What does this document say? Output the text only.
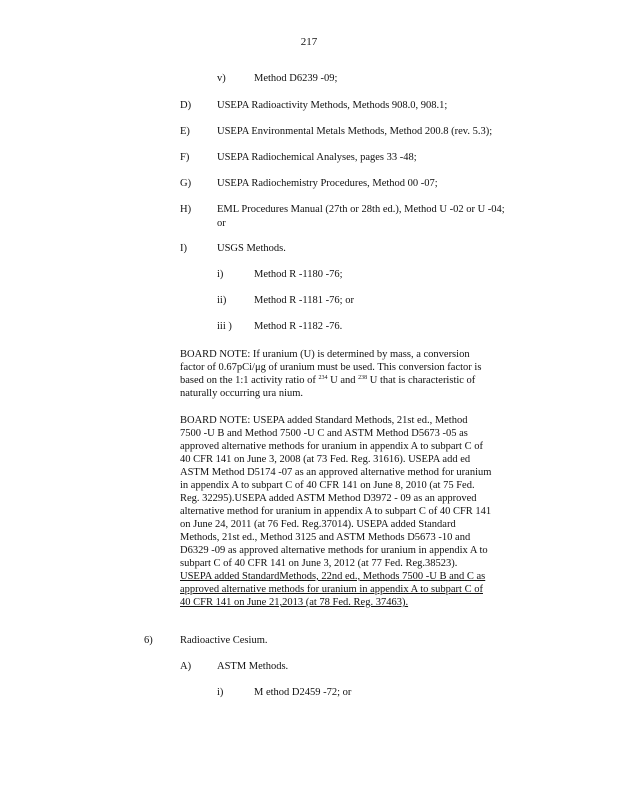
217
v)	Method D6239 -09;
D) USEPA Radioactivity Methods, Methods 908.0, 908.1;
E)	USEPA Environmental Metals Methods, Method 200.8 (rev. 5.3);
F)	USEPA Radiochemical Analyses, pages 33 -48;
G) USEPA Radiochemistry Procedures, Method 00 -07;
H) EML Procedures Manual (27th or 28th ed.), Method U -02 or U -04;
or
I)	USGS Methods.
i)	Method R -1180 -76;
ii)	Method R -1181 -76; or
iii ) Method R -1182 -76.

BOARD NOTE: If uranium (U) is determined by mass, a conversion

factor of 0.67pCi/μg of uranium must be used. This conversion factor is

based on the 1:1 activity ratio of $^{234}$ U and $^{238}$ U that is characteristic of

naturally occurring ura nium.

BOARD NOTE: USEPA added Standard Methods, 21st ed., Method

7500 -U B and Method 7500 -U C and ASTM Method D5673 -05 as

approved alternative methods for uranium in appendix A to subpart C of

40 CFR 141 on June 3, 2008 (at 73 Fed. Reg. 31616). USEPA add ed

ASTM Method D5174 -07 as an approved alternative method for uranium

in appendix A to subpart C of 40 CFR 141 on June 8, 2010 (at 75 Fed.

Reg. 32295).USEPA added ASTM Method D3972 - 09 as an approved

alternative method for uranium in appendix A to subpart C of 40 CFR 141

on June 24, 2011 (at 76 Fed. Reg.37014). USEPA added Standard

Methods, 21st ed., Method 3125 and ASTM Methods D5673 -10 and

D6329 -09 as approved alternative methods for uranium in appendix A to

subpart C of 40 CFR 141 on June 3, 2012 (at 77 Fed. Reg.38523).

USEPA added StandardMethods, 22nd ed., Methods 7500 -U B and C as

approved alternative methods for uranium in appendix A to subpart C of

40 CFR 141 on June 21,2013 (at 78 Fed. Reg. 37463).

6)	Radioactive Cesium.
A) ASTM Methods.
i)	M ethod D2459 -72; or
